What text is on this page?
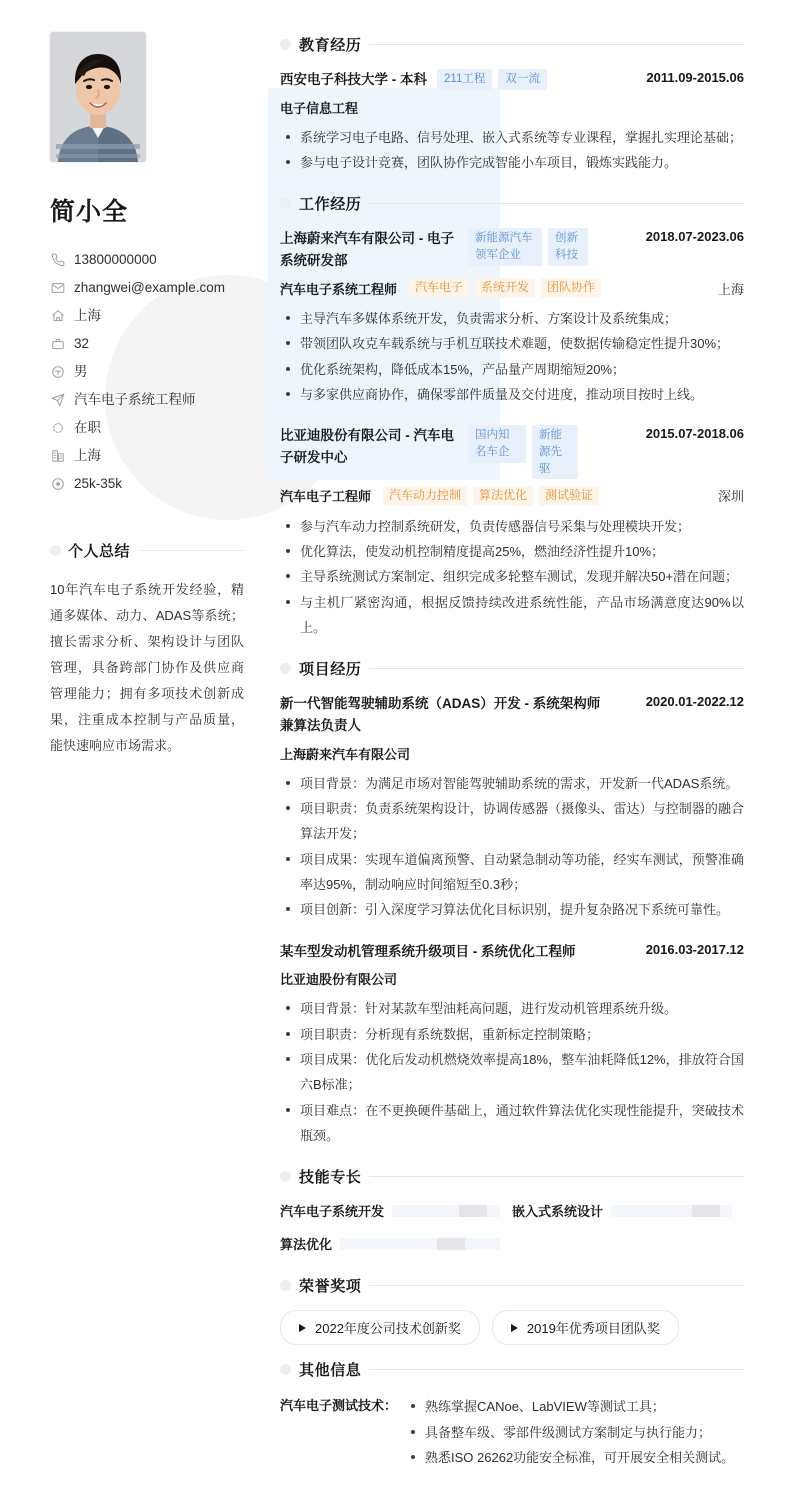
简小全
13800000000
zhangwei@example.com
上海
32
男
汽车电子系统工程师
在职
上海
25k-35k
个人总结
10年汽车电子系统开发经验，精通多媒体、动力、ADAS等系统；擅长需求分析、架构设计与团队管理，具备跨部门协作及供应商管理能力；拥有多项技术创新成果，注重成本控制与产品质量，能快速响应市场需求。
教育经历
西安电子科技大学 - 本科	211工程	双一流	2011.09-2015.06
电子信息工程
系统学习电子电路、信号处理、嵌入式系统等专业课程，掌握扎实理论基础；
参与电子设计竞赛，团队协作完成智能小车项目，锻炼实践能力。
工作经历
上海蔚来汽车有限公司 - 电子系统研发部
新能源汽车领军企业
创新科技
2018.07-2023.06
汽车电子系统工程师	汽车电子	系统开发	团队协作	上海
主导汽车多媒体系统开发，负责需求分析、方案设计及系统集成；
带领团队攻克车载系统与手机互联技术难题，使数据传输稳定性提升30%；
优化系统架构，降低成本15%，产品量产周期缩短20%；
与多家供应商协作，确保零部件质量及交付进度，推动项目按时上线。
比亚迪股份有限公司 - 汽车电子研发中心
国内知名车企
新能源先驱
2015.07-2018.06
汽车电子工程师	汽车动力控制	算法优化	测试验证	深圳
参与汽车动力控制系统研发，负责传感器信号采集与处理模块开发；
优化算法，使发动机控制精度提高25%，燃油经济性提升10%；
主导系统测试方案制定、组织完成多轮整车测试，发现并解决50+潜在问题；
与主机厂紧密沟通，根据反馈持续改进系统性能，产品市场满意度达90%以上。
项目经历
新一代智能驾驶辅助系统（ADAS）开发 - 系统架构师兼算法负责人
2020.01-2022.12
上海蔚来汽车有限公司
项目背景：为满足市场对智能驾驶辅助系统的需求，开发新一代ADAS系统。
项目职责：负责系统架构设计，协调传感器（摄像头、雷达）与控制器的融合算法开发；
项目成果：实现车道偏离预警、自动紧急制动等功能，经实车测试，预警准确率达95%，制动响应时间缩短至0.3秒；
项目创新：引入深度学习算法优化目标识别，提升复杂路况下系统可靠性。
某车型发动机管理系统升级项目 - 系统优化工程师	2016.03-2017.12
比亚迪股份有限公司
项目背景：针对某款车型油耗高问题，进行发动机管理系统升级。
项目职责：分析现有系统数据，重新标定控制策略；
项目成果：优化后发动机燃烧效率提高18%，整车油耗降低12%，排放符合国六B标准；
项目难点：在不更换硬件基础上，通过软件算法优化实现性能提升，突破技术瓶颈。
技能专长
汽车电子系统开发	嵌入式系统设计
算法优化
荣誉奖项
2022年度公司技术创新奖	2019年优秀项目团队奖
其他信息
汽车电子测试技术：	熟练掌握CANoe、LabVIEW等测试工具；
具备整车级、零部件级测试方案制定与执行能力；
熟悉ISO 26262功能安全标准，可开展安全相关测试。
